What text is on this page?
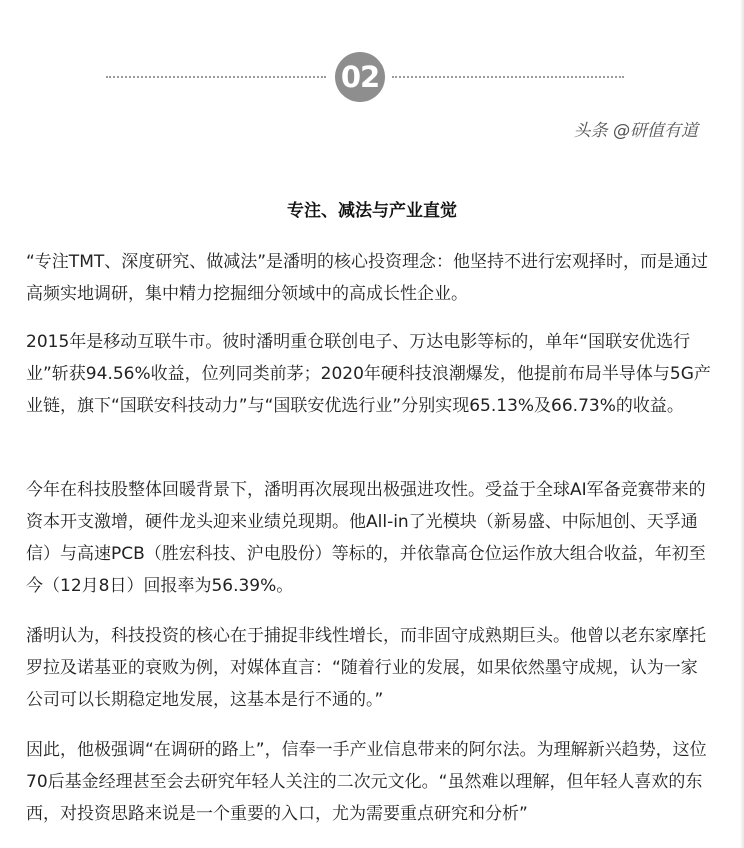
02
头条 @研值有道
专注、减法与产业直觉

“专注TMT、深度研究、做减法”是潘明的核心投资理念：他坚持不进行宏观择时，而是通过高频实地调研，集中精力挖掘细分领域中的高成长性企业。

2015年是移动互联牛市。彼时潘明重仓联创电子、万达电影等标的，单年“国联安优选行业”斩获94.56%收益，位列同类前茅；2020年硬科技浪潮爆发，他提前布局半导体与5G产业链，旗下“国联安科技动力”与“国联安优选行业”分别实现65.13%及66.73%的收益。

今年在科技股整体回暖背景下，潘明再次展现出极强进攻性。受益于全球AI军备竞赛带来的资本开支激增，硬件龙头迎来业绩兑现期。他All-in了光模块（新易盛、中际旭创、天孚通信）与高速PCB（胜宏科技、沪电股份）等标的，并依靠高仓位运作放大组合收益，年初至今（12月8日）回报率为56.39%。

潘明认为，科技投资的核心在于捕捉非线性增长，而非固守成熟期巨头。他曾以老东家摩托罗拉及诺基亚的衰败为例，对媒体直言：“随着行业的发展，如果依然墨守成规，认为一家公司可以长期稳定地发展，这基本是行不通的。”

因此，他极强调“在调研的路上”，信奉一手产业信息带来的阿尔法。为理解新兴趋势，这位70后基金经理甚至会去研究年轻人关注的二次元文化。“虽然难以理解，但年轻人喜欢的东西，对投资思路来说是一个重要的入口，尤为需要重点研究和分析”
